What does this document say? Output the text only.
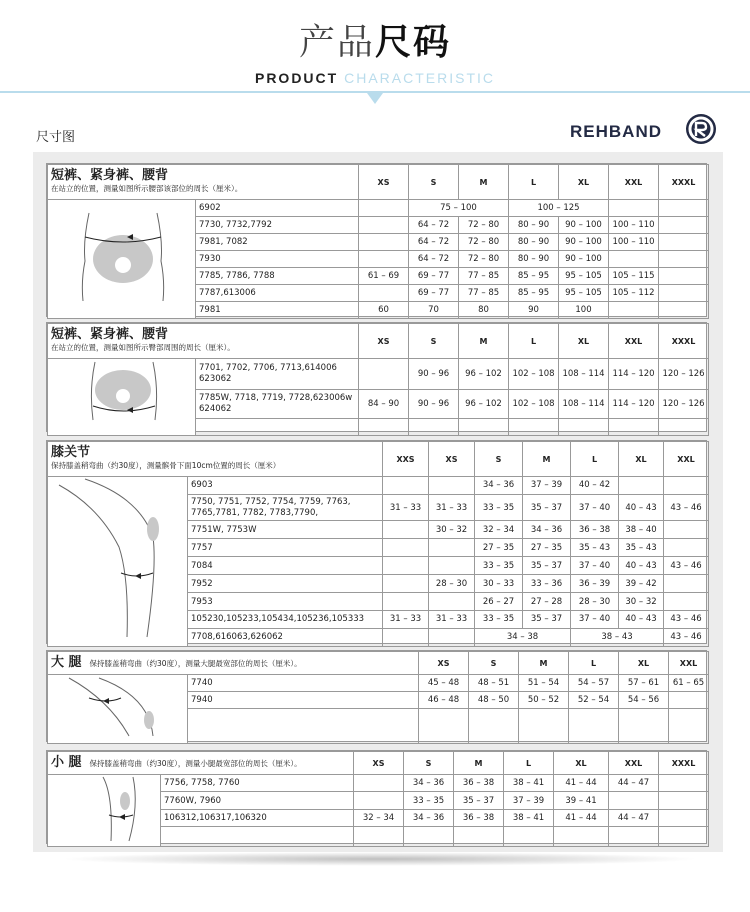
产品尺码
PRODUCT CHARACTERISTIC
尺寸图	REHBAND
短裤、紧身裤、腰背
在站立的位置，测量如图所示腰部该部位的周长（厘米）。		XS	S	M	L	XL	XXL	XXXL
	6902		75 – 100		100 – 125			
	7730, 7732,7792		64 – 72	72 – 80	80 – 90	90 – 100	100 – 110	
	7981, 7082		64 – 72	72 – 80	80 – 90	90 – 100	100 – 110	
	7930		64 – 72	72 – 80	80 – 90	90 – 100		
	7785, 7786, 7788	61 – 69	69 – 77	77 – 85	85 – 95	95 – 105	105 – 115	
	7787,613006		69 – 77	77 – 85	85 – 95	95 – 105	105 – 112	
	7981	60	70	80	90	100		
短裤、紧身裤、腰背
在站立的位置，测量如图所示臀部周围的周长（厘米）。		XS	S	M	L	XL	XXL	XXXL
	7701, 7702, 7706, 7713,614006 623062		90 – 96	96 – 102	102 – 108	108 – 114	114 – 120	120 – 126
	7785W, 7718, 7719, 7728,623006w 624062	84 – 90	90 – 96	96 – 102	102 – 108	108 – 114	114 – 120	120 – 126

膝关节
保持膝盖稍弯曲（约30度），测量髌骨下面10cm位置的周长（厘米）		XXS	XS	S	M	L	XL	XXL
	6903			34 – 36	37 – 39	40 – 42		
	7750, 7751, 7752, 7754, 7759, 7763, 7765,7781, 7782, 7783,7790,	31 – 33	31 – 33	33 – 35	35 – 37	37 – 40	40 – 43	43 – 46
	7751W, 7753W		30 – 32	32 – 34	34 – 36	36 – 38	38 – 40	
	7757			27 – 35	27 – 35	35 – 43	35 – 43	
	7084			33 – 35	35 – 37	37 – 40	40 – 43	43 – 46
	7952		28 – 30	30 – 33	33 – 36	36 – 39	39 – 42	
	7953			26 – 27	27 – 28	28 – 30	30 – 32	
	105230,105233,105434,105236,105333	31 – 33	31 – 33	33 – 35	35 – 37	37 – 40	40 – 43	43 – 46
	7708,616063,626062			34 – 38		38 – 43		43 – 46
大 腿 保持膝盖稍弯曲（约30度），测量大腿最宽部位的周长（厘米）。		XS	S	M	L	XL	XXL
	7740	45 – 48	48 – 51	51 – 54	54 – 57	57 – 61	61 – 65
	7940	46 – 48	48 – 50	50 – 52	52 – 54	54 – 56	

小 腿 保持膝盖稍弯曲（约30度），测量小腿最宽部位的周长（厘米）。		XS	S	M	L	XL	XXL	XXXL
	7756, 7758, 7760		34 – 36	36 – 38	38 – 41	41 – 44	44 – 47	
	7760W, 7960		33 – 35	35 – 37	37 – 39	39 – 41		
	106312,106317,106320	32 – 34	34 – 36	36 – 38	38 – 41	41 – 44	44 – 47	
